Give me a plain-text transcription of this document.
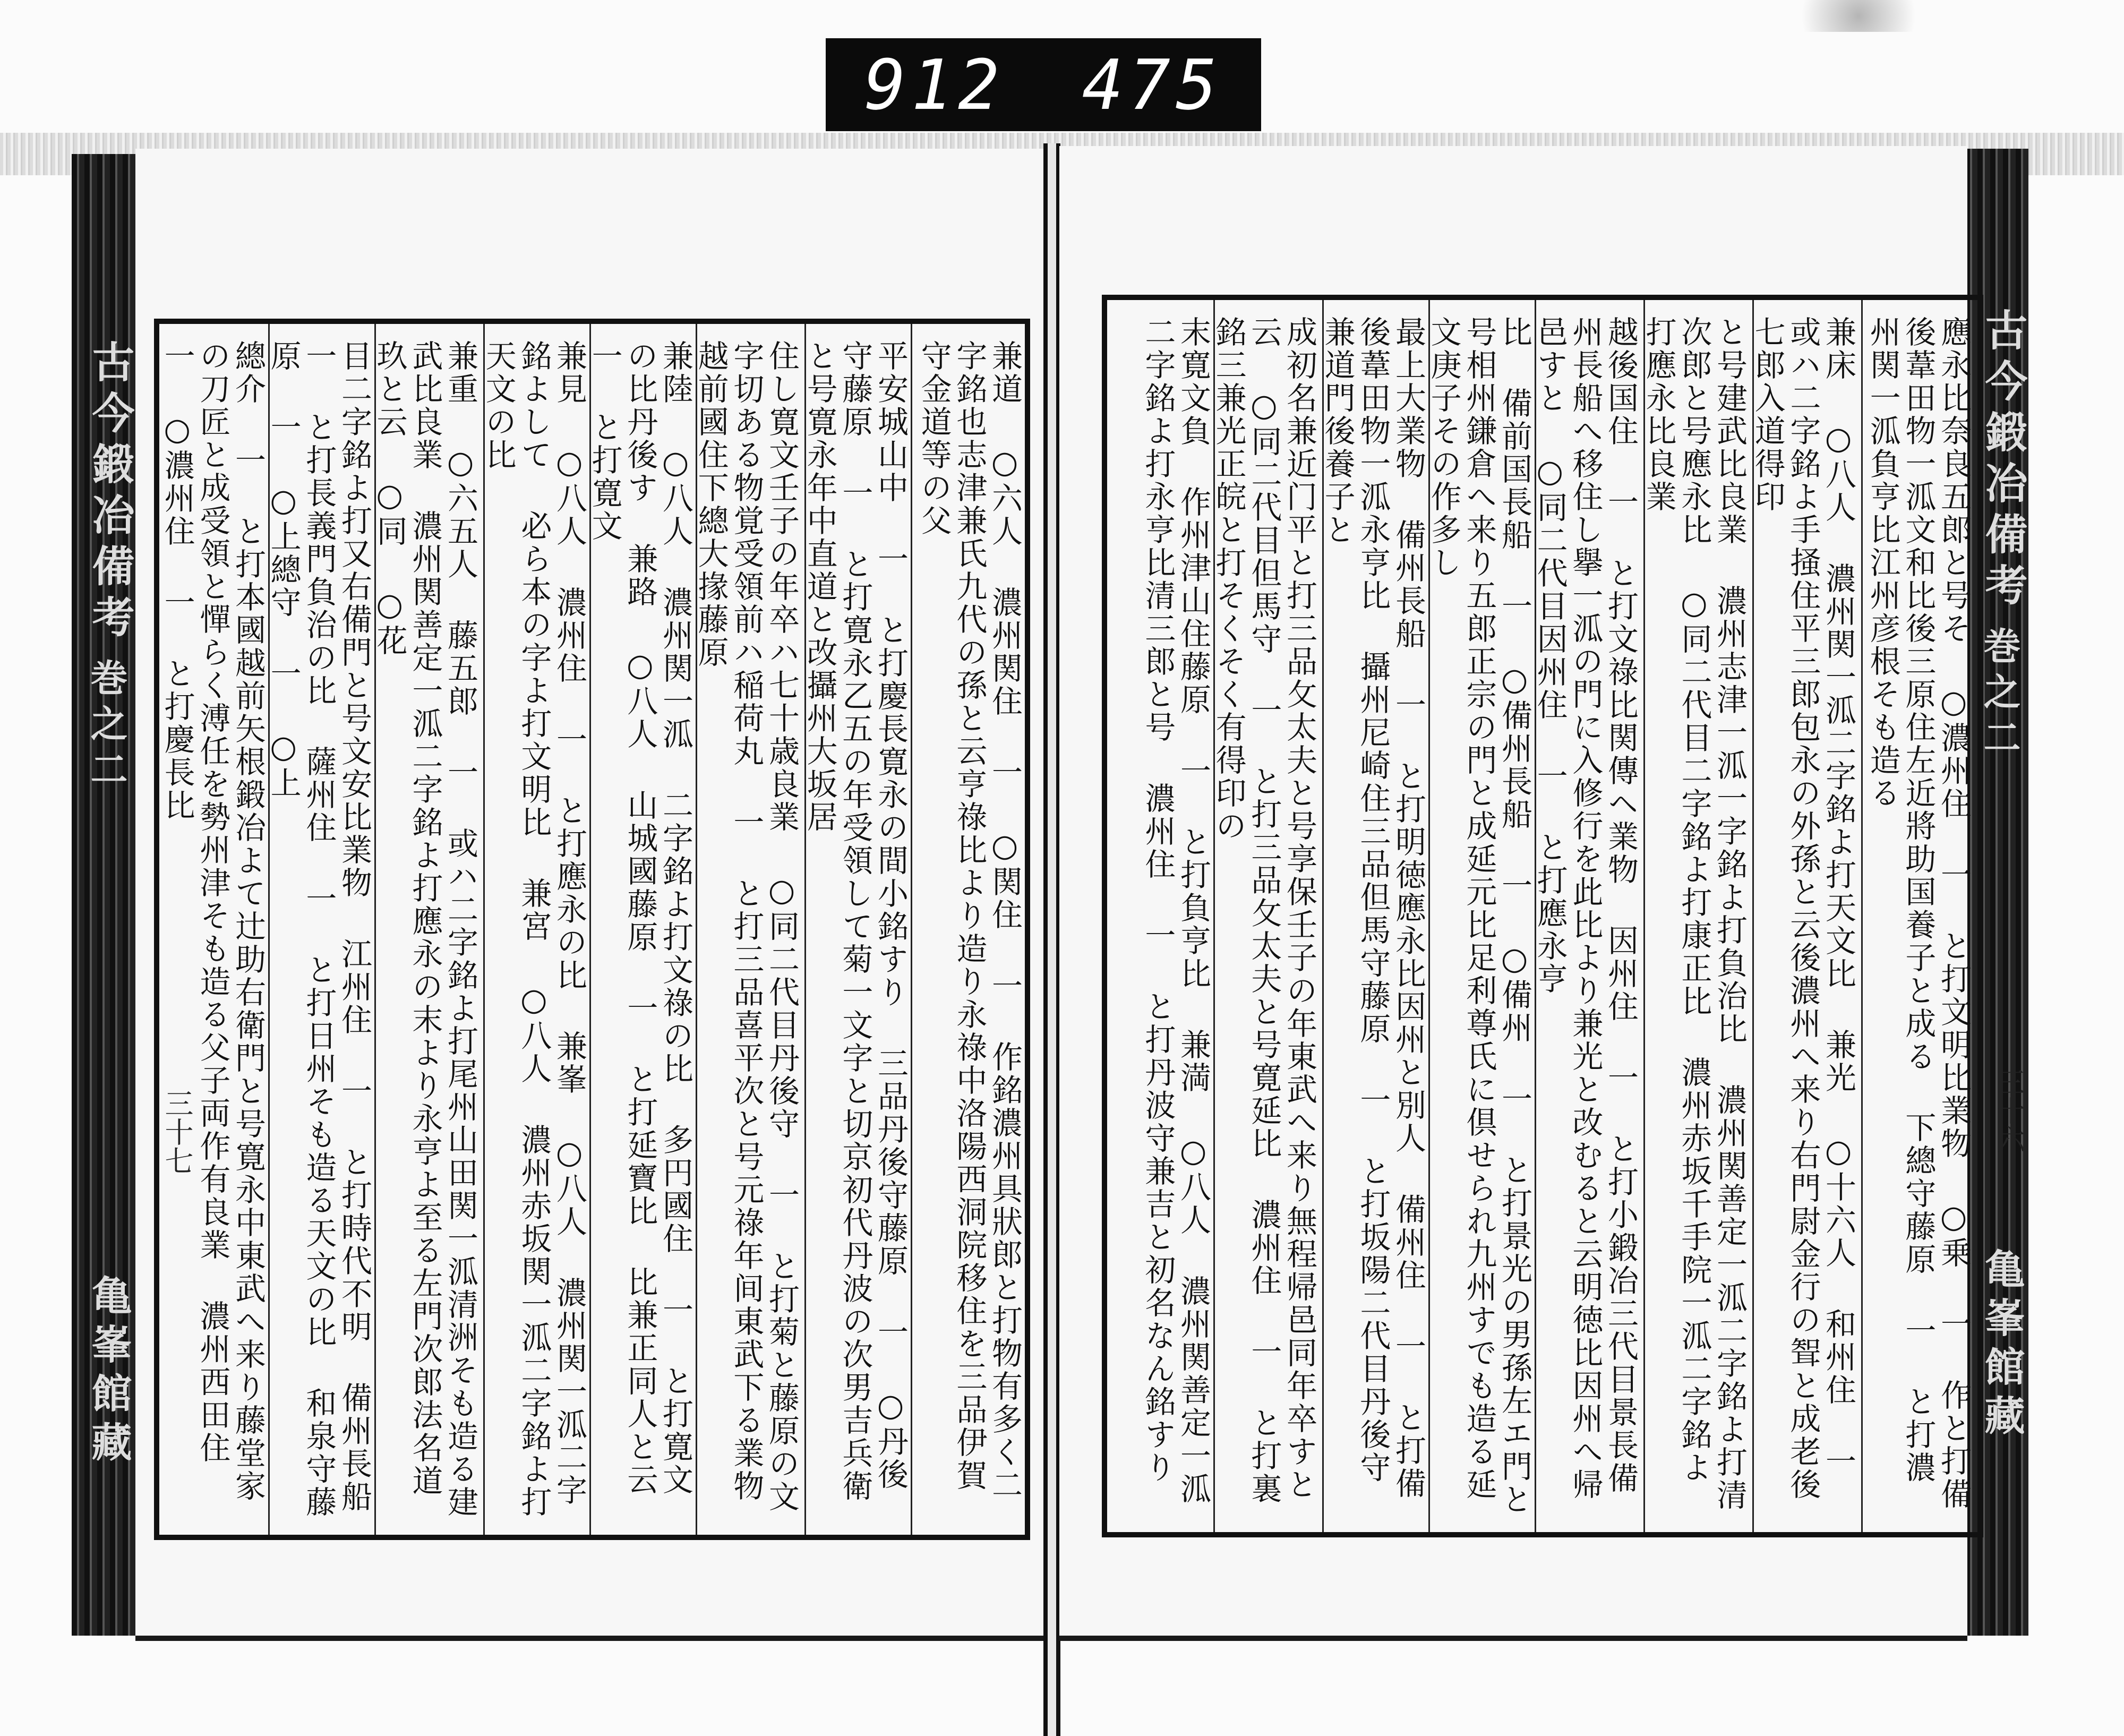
912 475
古今鍛冶備考
巻之二
三十七
亀峯館藏	兼道 ○六人 濃州関住 一 ○関住 一 作銘濃州具狀郎と打物有多く二字銘也志津兼氏九代の孫と云亨祿比より造り永祿中洛陽西洞院移住を三品伊賀守金道等の父
平安城山中 一 と打慶長寛永の間小銘すり 三品丹後守藤原 一 ○丹後守藤原 一 と打寛永乙五の年受領して菊一文字と切京初代丹波の次男吉兵衛と号寛永年中直道と改攝州大坂居
住し寛文壬子の年卒ハ七十歳良業 ○同二代目丹後守 一 と打菊と藤原の文字切ある物覚受領前ハ稲荷丸 一 と打三品喜平次と号元祿年间東武下る業物 越前國住下總大掾藤原
兼陸 ○八人 濃州関一泒 二字銘よ打文祿の比 多円國住 一 と打寛文の比丹後す 兼路 ○八人 山城國藤原 一 と打延寶比 比兼正同人と云 一 と打寛文
兼見 ○八人 濃州住 一 と打應永の比 兼峯 ○八人 濃州関一泒二字銘よして 必ら本の字よ打文明比 兼宮 ○八人 濃州赤坂関一泒二字銘よ打天文の比
兼重 ○六五人 藤五郎 一 或ハ二字銘よ打尾州山田関一泒清洲そも造る建武比良業 濃州関善定一泒二字銘よ打應永の末より永亨よ至る左門次郎法名道玖と云 ○同 ○花
目二字銘よ打又右備門と号文安比業物 江州住 一 と打時代不明 備州長船 一 と打長義門負治の比 薩州住 一 と打日州そも造る天文の比 和泉守藤原 一 ○上總守 一 ○上
總介 一 と打本國越前矢根鍛冶よて辻助右衛門と号寛永中東武へ来り藤堂家の刀匠と成受領と憚らく溥任を勢州津そも造る父子両作有良業 濃州西田住 一 ○濃州住 一 と打慶長比	古今鍛冶備考
巻之二
三十六
亀峯館藏
應永比奈良五郎と号そ ○濃州住 一 と打文明比業物 ○乗 一 作と打備後葦田物一泒文和比後三原住左近將助国養子と成る 下總守藤原 一 と打濃州関一泒負亨比江州彦根そも造る
兼床 ○八人 濃州関一泒二字銘よ打天文比 兼光 ○十六人 和州住 一 或ハ二字銘よ手掻住平三郎包永の外孫と云後濃州へ来り右門尉金行の聟と成老後七郎入道得印
と号建武比良業 濃州志津一泒一字銘よ打負治比 濃州関善定一泒二字銘よ打清次郎と号應永比 ○同二代目二字銘よ打康正比 濃州赤坂千手院一泒二字銘よ打應永比良業
越後国住 一 と打文祿比関傳ヘ業物 因州住 一 と打小鍛冶三代目景長備州長船へ移住し擧一泒の門に入修行を此比より兼光と改むると云明徳比因州へ帰邑すと ○同二代目因州住 一 と打應永亨
比 備前国長船 一 ○備州長船 一 ○備州 一 と打景光の男孫左エ門と号相州鎌倉へ来り五郎正宗の門と成延元比足利尊氏に倶せられ九州すでも造る延文庚子その作多し
最上大業物 備州長船 一 と打明徳應永比因州と別人 備州住 一 と打備後葦田物一泒永亨比 攝州尼崎住三品但馬守藤原 一 と打坂陽二代目丹後守兼道門後養子と
成初名兼近门平と打三品攵太夫と号享保壬子の年東武へ来り無程帰邑同年卒すと云 ○同二代目但馬守 一 と打三品攵太夫と号寛延比 濃州住 一 と打裏銘三兼光正皖と打そくそく有得印の
末寛文負 作州津山住藤原 一 と打負亨比 兼満 ○八人 濃州関善定一泒二字銘よ打永亨比清三郎と号 濃州住 一 と打丹波守兼吉と初名なん銘すり
